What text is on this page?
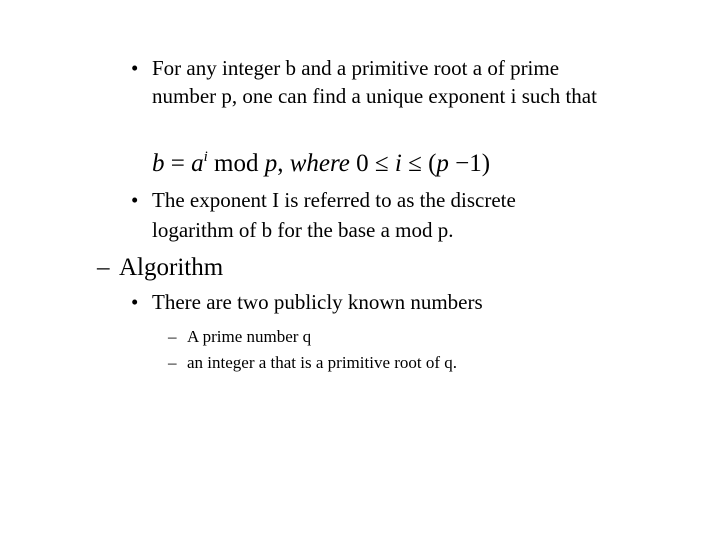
• For any integer b and a primitive root a of prime
number p, one can find a unique exponent i such that
$b = a^i$ mod p, where 0 ≤ i ≤ (p −1)
• The exponent I is referred to as the discrete
logarithm of b for the base a mod p.
– Algorithm
• There are two publicly known numbers
– A prime number q
– an integer a that is a primitive root of q.
